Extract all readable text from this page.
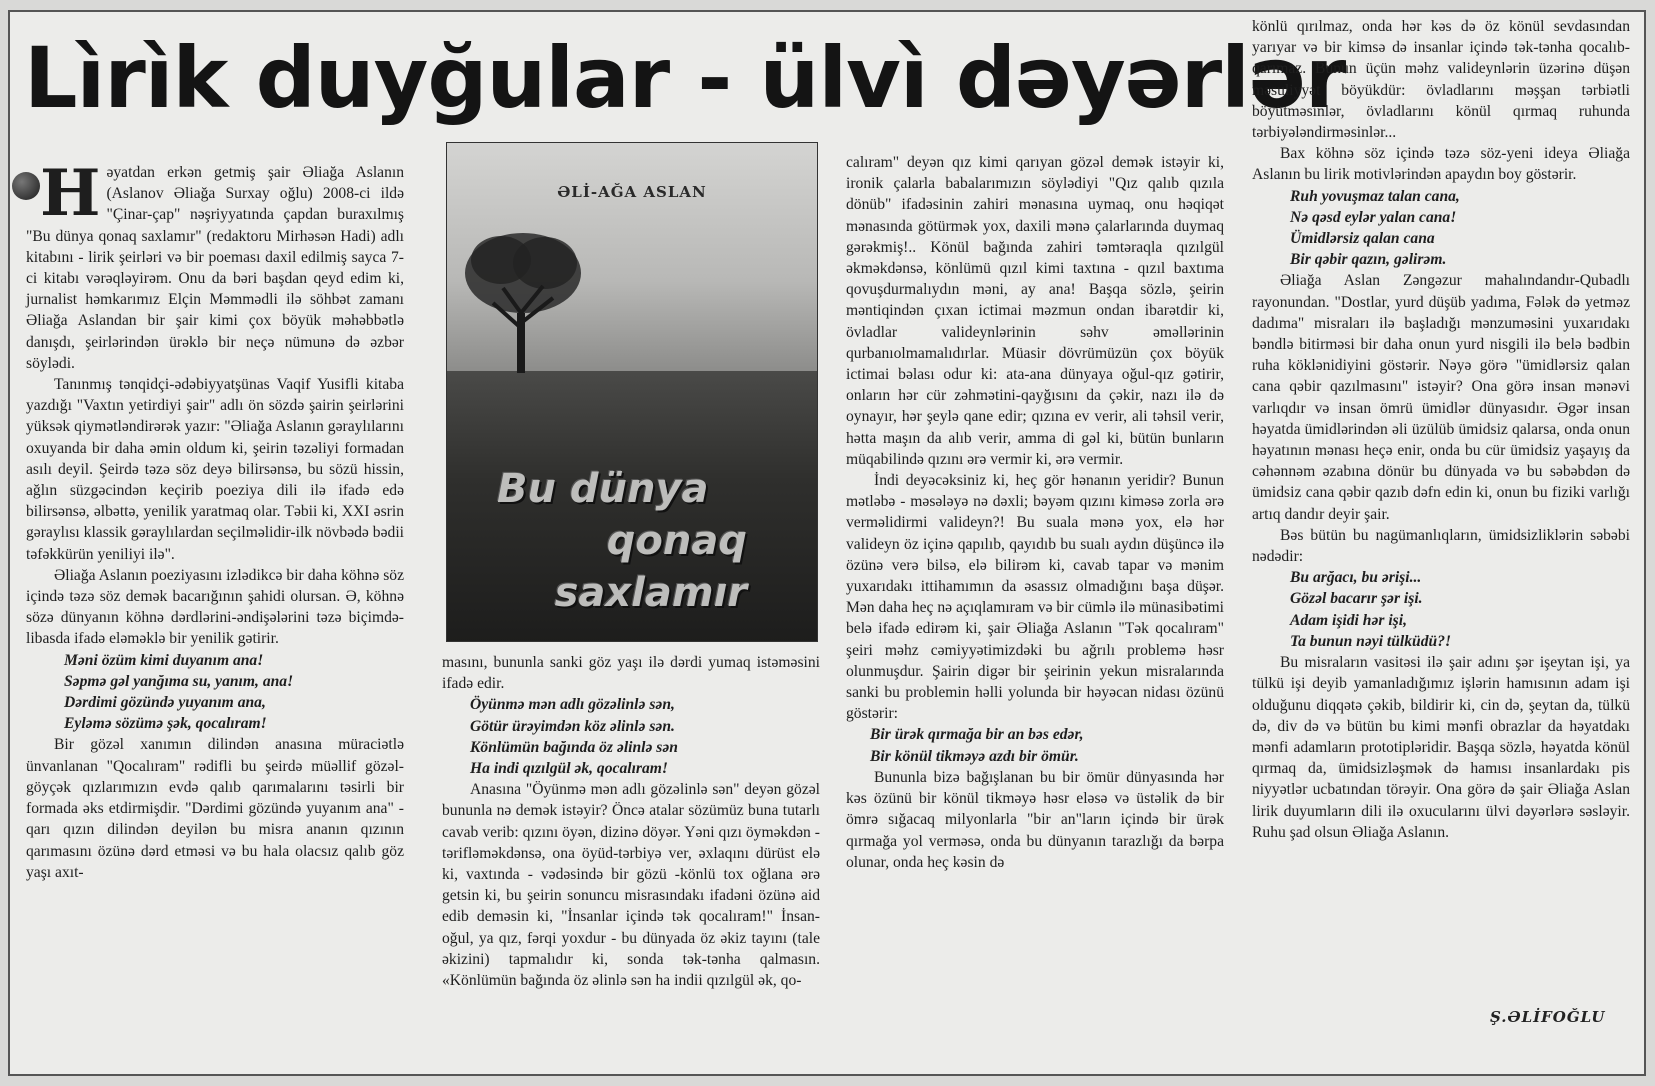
Lìrìk duyğular - ülvì dəyərlər
H əyatdan erkən getmiş şair Əliağa Aslanın (Aslanov Əliağa Surxay oğlu) 2008-ci ildə "Çinar-çap" nəşriyyatında çapdan buraxılmış "Bu dünya qonaq saxlamır" (redaktoru Mirhəsən Hadi) adlı kitabını - lirik şeirləri və bir poeması daxil edilmiş sayca 7-ci kitabı vərəqləyirəm. Onu da bəri başdan qeyd edim ki, jurnalist həmkarımız Elçin Məmmədli ilə söhbət zamanı Əliağa Aslandan bir şair kimi çox böyük məhəbbətlə danışdı, şeirlərindən ürəklə bir neçə nümunə də əzbər söylədi.

Tanınmış tənqidçi-ədəbiyyatşünas Vaqif Yusifli kitaba yazdığı "Vaxtın yetirdiyi şair" adlı ön sözdə şairin şeirlərini yüksək qiymətləndirərək yazır: "Əliağa Aslanın gəraylılarını oxuyanda bir daha əmin oldum ki, şeirin təzəliyi formadan asılı deyil. Şeirdə təzə söz deyə bilirsənsə, bu sözü hissin, ağlın süzgəcindən keçirib poeziya dili ilə ifadə edə bilirsənsə, əlbəttə, yenilik yaratmaq olar. Təbii ki, XXI əsrin gəraylısı klassik gəraylılardan seçilməlidir-ilk növbədə bədii təfəkkürün yeniliyi ilə".

Əliağa Aslanın poeziyasını izlədikcə bir daha köhnə söz içində təzə söz demək bacarığının şahidi olursan. Ə, köhnə sözə dünyanın köhnə dərdlərini-əndişələrini təzə biçimdə-libasda ifadə eləməklə bir yenilik gətirir.

Məni özüm kimi duyanım ana!
Səpmə gəl yanğıma su, yanım, ana!
Dərdimi gözündə yuyanım ana,
Eyləmə sözümə şək, qocalıram!

Bir gözəl xanımın dilindən anasına müraciətlə ünvanlanan "Qocalıram" rədifli bu şeirdə müəllif gözəl-göyçək qızlarımızın evdə qalıb qarımalarını təsirli bir formada əks etdirmişdir. "Dərdimi gözündə yuyanım ana" - qarı qızın dilindən deyilən bu misra ananın qızının qarımasını özünə dərd etməsi və bu hala olacsız qalıb göz yaşı axıt-

ƏLİ-AĞA ASLAN
Bu dünya
qonaq
saxlamır

masını, bununla sanki göz yaşı ilə dərdi yumaq istəməsini ifadə edir.

Öyünmə mən adlı gözəlinlə sən,
Götür ürəyimdən köz əlinlə sən.
Könlümün bağında öz əlinlə sən
Ha indi qızılgül ək, qocalıram!

Anasına "Öyünmə mən adlı gözəlinlə sən" deyən gözəl bununla nə demək istəyir? Öncə atalar sözümüz buna tutarlı cavab verib: qızını öyən, dizinə döyər. Yəni qızı öyməkdən - tərifləməkdənsə, ona öyüd-tərbiyə ver, əxlaqını dürüst elə ki, vaxtında - vədəsində bir gözü -könlü tox oğlana ərə getsin ki, bu şeirin sonuncu misrasındakı ifadəni özünə aid edib deməsin ki, "İnsanlar içində tək qocalıram!" İnsan-oğul, ya qız, fərqi yoxdur - bu dünyada öz əkiz tayını (tale əkizini) tapmalıdır ki, sonda tək-tənha qalmasın. «Könlümün bağında öz əlinlə sən ha indii qızılgül ək, qo-

calıram" deyən qız kimi qarıyan gözəl demək istəyir ki, ironik çalarla babalarımızın söylədiyi "Qız qalıb qızıla dönüb" ifadəsinin zahiri mənasına uymaq, onu həqiqət mənasında götürmək yox, daxili mənə çalarlarında duymaq gərəkmiş!.. Könül bağında zahiri təmtəraqla qızılgül əkməkdənsə, könlümü qızıl kimi taxtına - qızıl baxtıma qovuşdurmalıydın məni, ay ana! Başqa sözlə, şeirin məntiqindən çıxan ictimai məzmun ondan ibarətdir ki, övladlar valideynlərinin səhv əməllərinin qurbanıolmamalıdırlar. Müasir dövrümüzün çox böyük ictimai bəlası odur ki: ata-ana dünyaya oğul-qız gətirir, onların hər cür zəhmətini-qayğısını da çəkir, nazı ilə də oynayır, hər şeylə qane edir; qızına ev verir, ali təhsil verir, hətta maşın da alıb verir, amma di gəl ki, bütün bunların müqabilində qızını ərə vermir ki, ərə vermir.

İndi deyəcəksiniz ki, heç gör hənanın yeridir? Bunun mətləbə - məsələyə nə dəxli; bəyəm qızını kiməsə zorla ərə verməlidirmi valideyn?! Bu suala mənə yox, elə hər valideyn öz içinə qapılıb, qayıdıb bu sualı aydın düşüncə ilə özünə verə bilsə, elə bilirəm ki, cavab tapar və mənim yuxarıdakı ittihamımın da əsassız olmadığını başa düşər. Mən daha heç nə açıqlamıram və bir cümlə ilə münasibətimi belə ifadə edirəm ki, şair Əliağa Aslanın "Tək qocalıram" şeiri məhz cəmiyyətimizdəki bu ağrılı problemə həsr olunmuşdur. Şairin digər bir şeirinin yekun misralarında sanki bu problemin həlli yolunda bir həyəcan nidası özünü göstərir:

Bir ürək qırmağa bir an bəs edər,
Bir könül tikməyə azdı bir ömür.

Bununla bizə bağışlanan bu bir ömür dünyasında hər kəs özünü bir könül tikməyə həsr eləsə və üstəlik də bir ömrə sığacaq milyonlarla "bir an"ların içində bir ürək qırmağa yol verməsə, onda bu dünyanın tarazlığı da bərpa olunar, onda heç kəsin də

könlü qırılmaz, onda hər kəs də öz könül sevdasından yarıyar və bir kimsə də insanlar içində tək-tənha qocalıb-qarımaz. Bunun üçün məhz valideynlərin üzərinə düşən məsuliyyət böyükdür: övladlarını məşşan tərbiətli böyütməsinlər, övladlarını könül qırmaq ruhunda tərbiyələndirməsinlər...

Bax köhnə söz içində təzə söz-yeni ideya Əliağa Aslanın bu lirik motivlərindən apaydın boy göstərir.

Ruh yovuşmaz talan cana,
Nə qəsd eylər yalan cana!
Ümidlərsiz qalan cana
Bir qəbir qazın, gəlirəm.

Əliağa Aslan Zəngəzur mahalındandır-Qubadlı rayonundan. "Dostlar, yurd düşüb yadıma, Fələk də yetməz dadıma" misraları ilə başladığı mənzuməsini yuxarıdakı bəndlə bitirməsi bir daha onun yurd nisgili ilə belə bədbin ruha köklənidiyini göstərir. Nəyə görə "ümidlərsiz qalan cana qəbir qazılmasını" istəyir? Ona görə insan mənəvi varlıqdır və insan ömrü ümidlər dünyasıdır. Əgər insan həyatda ümidlərindən əli üzülüb ümidsiz qalarsa, onda onun həyatının mənası heçə enir, onda bu cür ümidsiz yaşayış da cəhənnəm əzabına dönür bu dünyada və bu səbəbdən də ümidsiz cana qəbir qazıb dəfn edin ki, onun bu fiziki varlığı artıq dandır deyir şair.

Bəs bütün bu nagümanlıqların, ümidsizliklərin səbəbi nədədir:

Bu arğacı, bu ərişi...
Gözəl bacarır şər işi.
Adam işidi hər işi,
Ta bunun nəyi tülküdü?!

Bu misraların vasitəsi ilə şair adını şər işeytan işi, ya tülkü işi deyib yamanladığımız işlərin hamısının adam işi olduğunu diqqətə çəkib, bildirir ki, cin də, şeytan da, tülkü də, div də və bütün bu kimi mənfi obrazlar da həyatdakı mənfi adamların prototipləridir. Başqa sözlə, həyatda könül qırmaq da, ümidsizləşmək də hamısı insanlardakı pis niyyətlər ucbatından törəyir. Ona görə də şair Əliağa Aslan lirik duyumların dili ilə oxucularını ülvi dəyərlərə səsləyir. Ruhu şad olsun Əliağa Aslanın.

Ş.ƏLİFOĞLU
